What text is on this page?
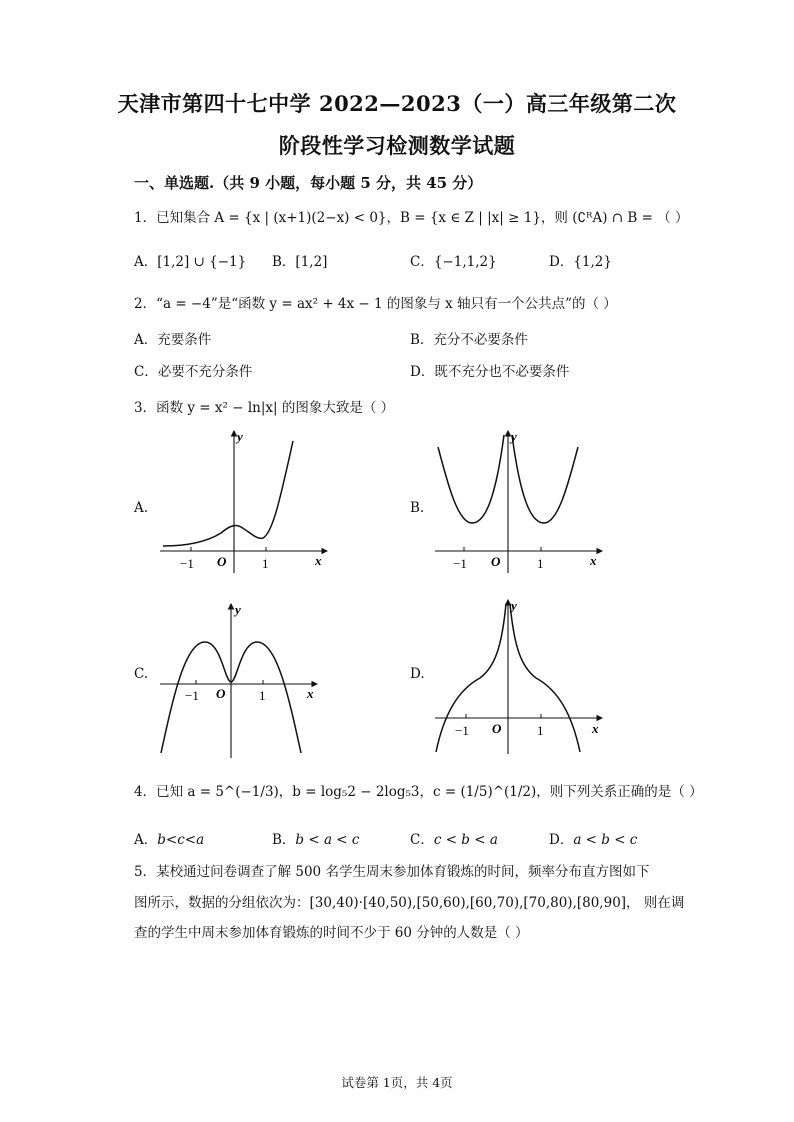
天津市第四十七中学 2022—2023（一）高三年级第二次
阶段性学习检测数学试题
一、单选题.（共 9 小题，每小题 5 分，共 45 分）
1．已知集合 A = {x | (x+1)(2−x) < 0}，B = {x ∈ Z | |x| ≥ 1}，则 (∁ᴿA) ∩ B = （ ）
A．[1,2] ∪ {−1} B．[1,2]	C．{−1,1,2}	D．{1,2}
2．“a = −4”是“函数 y = ax² + 4x − 1 的图象与 x 轴只有一个公共点”的（ ）
A．充要条件	B．充分不必要条件
C．必要不充分条件	D．既不充分也不必要条件
3．函数 y = x² − ln|x| 的图象大致是（ ）
A.
−1 O	1	x
y
B.
−1 O	1	x
y
C.
−1 O	1	x
y
D.
−1 O	1	x
y
4．已知 a = 5^(−1/3)，b = log₅2 − 2log₅3，c = (1/5)^(1/2)，则下列关系正确的是（ ）
A．b<c<a	B．b < a < c	C．c < b < a	D．a < b < c
5．某校通过问卷调查了解 500 名学生周末参加体育锻炼的时间，频率分布直方图如下
图所示，数据的分组依次为：[30,40)·[40,50),[50,60),[60,70),[70,80),[80,90]， 则在调
查的学生中周末参加体育锻炼的时间不少于 60 分钟的人数是（ ）
试卷第 1页，共 4页
